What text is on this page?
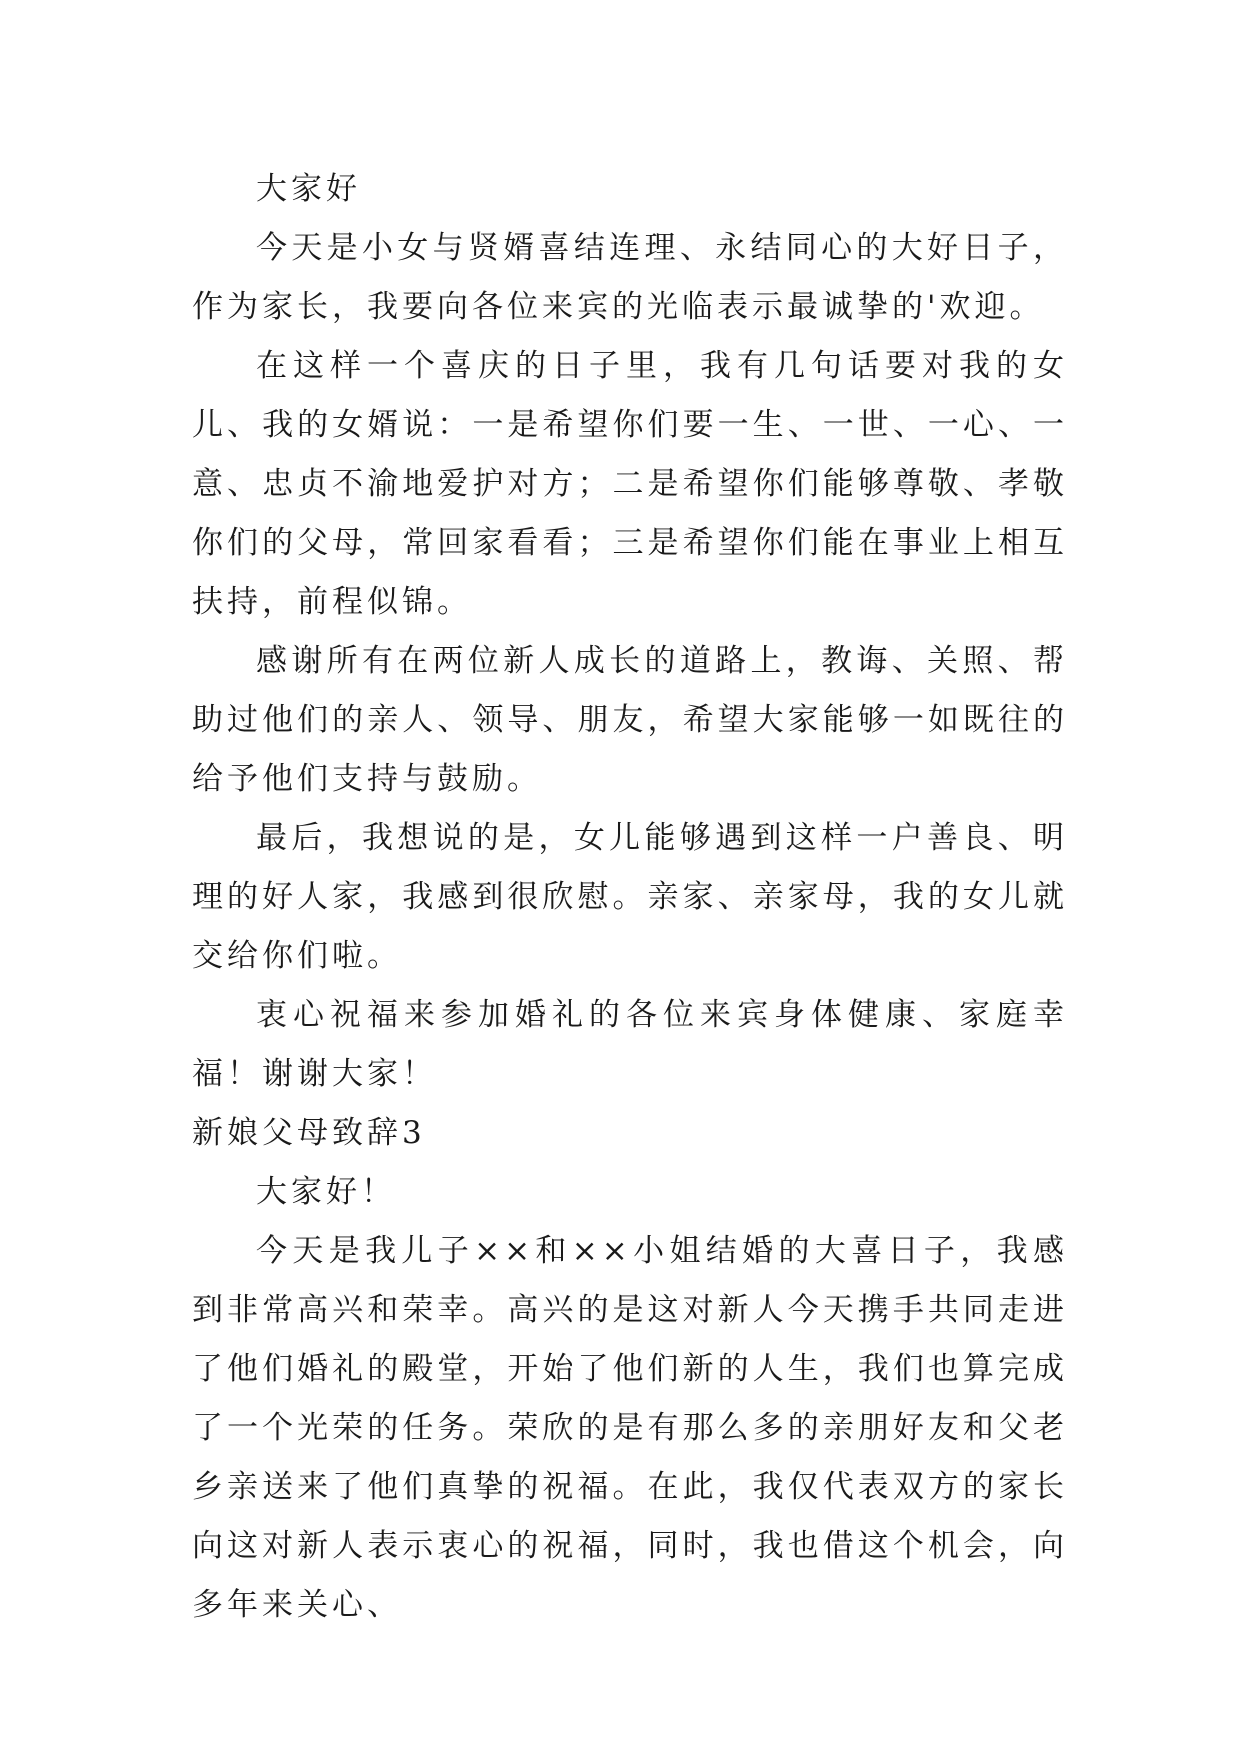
大家好

今天是小女与贤婿喜结连理、永结同心的大好日子，作为家长，我要向各位来宾的光临表示最诚挚的'欢迎。

在这样一个喜庆的日子里，我有几句话要对我的女儿、我的女婿说：一是希望你们要一生、一世、一心、一意、忠贞不渝地爱护对方；二是希望你们能够尊敬、孝敬你们的父母，常回家看看；三是希望你们能在事业上相互扶持，前程似锦。

感谢所有在两位新人成长的道路上，教诲、关照、帮助过他们的亲人、领导、朋友，希望大家能够一如既往的给予他们支持与鼓励。

最后，我想说的是，女儿能够遇到这样一户善良、明理的好人家，我感到很欣慰。亲家、亲家母，我的女儿就交给你们啦。

衷心祝福来参加婚礼的各位来宾身体健康、家庭幸福！谢谢大家！

新娘父母致辞3

大家好！

今天是我儿子××和××小姐结婚的大喜日子，我感到非常高兴和荣幸。高兴的是这对新人今天携手共同走进了他们婚礼的殿堂，开始了他们新的人生，我们也算完成了一个光荣的任务。荣欣的是有那么多的亲朋好友和父老乡亲送来了他们真挚的祝福。在此，我仅代表双方的家长向这对新人表示衷心的祝福，同时，我也借这个机会，向多年来关心、
